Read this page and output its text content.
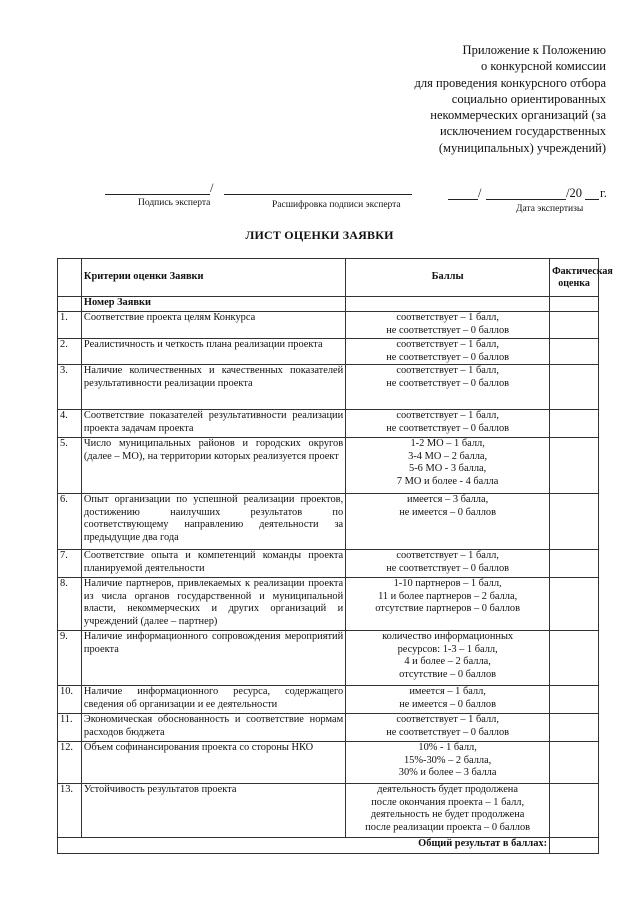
Приложение к Положению
о конкурсной комиссии
для проведения конкурсного отбора
социально ориентированных
некоммерческих организаций (за
исключением государственных
(муниципальных) учреждений)
/
Подпись эксперта	Расшифровка подписи эксперта
/	/20 г.
Дата экспертизы
ЛИСТ ОЦЕНКИ ЗАЯВКИ
	Критерии оценки Заявки	Баллы	Фактическая оценка
	Номер Заявки		
1.	Соответствие проекта целям Конкурса	соответствует – 1 балл,
не соответствует – 0 баллов	

2.	Реалистичность и четкость плана реализации проекта	соответствует – 1 балл,
не соответствует – 0 баллов	

3.	Наличие количественных и качественных показателей результативности реализации проекта	соответствует – 1 балл,
не соответствует – 0 баллов	

4.	Соответствие показателей результативности реализации проекта задачам проекта	соответствует – 1 балл,
не соответствует – 0 баллов	

5.	Число муниципальных районов и городских округов (далее – МО), на территории которых реализуется проект	1-2 МО – 1 балл,
3-4 МО – 2 балла,
5-6 МО - 3 балла,
7 МО и более - 4 балла	

6.	Опыт организации по успешной реализации проектов, достижению наилучших результатов по соответствующему направлению деятельности за предыдущие два года	имеется – 3 балла,
не имеется – 0 баллов	

7.	Соответствие опыта и компетенций команды проекта планируемой деятельности	соответствует – 1 балл,
не соответствует – 0 баллов	

8.	Наличие партнеров, привлекаемых к реализации проекта из числа органов государственной и муниципальной власти, некоммерческих и других организаций и учреждений (далее – партнер)	1-10 партнеров – 1 балл,
11 и более партнеров – 2 балла,
отсутствие партнеров – 0 баллов	

9.	Наличие информационного сопровождения мероприятий проекта	количество информационных
ресурсов: 1-3 – 1 балл,
4 и более – 2 балла,
отсутствие – 0 баллов	

10.	Наличие информационного ресурса, содержащего сведения об организации и ее деятельности	имеется – 1 балл,
не имеется – 0 баллов	

11.	Экономическая обоснованность и соответствие нормам расходов бюджета	соответствует – 1 балл,
не соответствует – 0 баллов	

12.	Объем софинансирования проекта со стороны НКО	10% - 1 балл,
15%-30% – 2 балла,
30% и более – 3 балла	

13.	Устойчивость результатов проекта	деятельность будет продолжена
после окончания проекта – 1 балл,
деятельность не будет продолжена
после реализации проекта – 0 баллов	

Общий результат в баллах:			
